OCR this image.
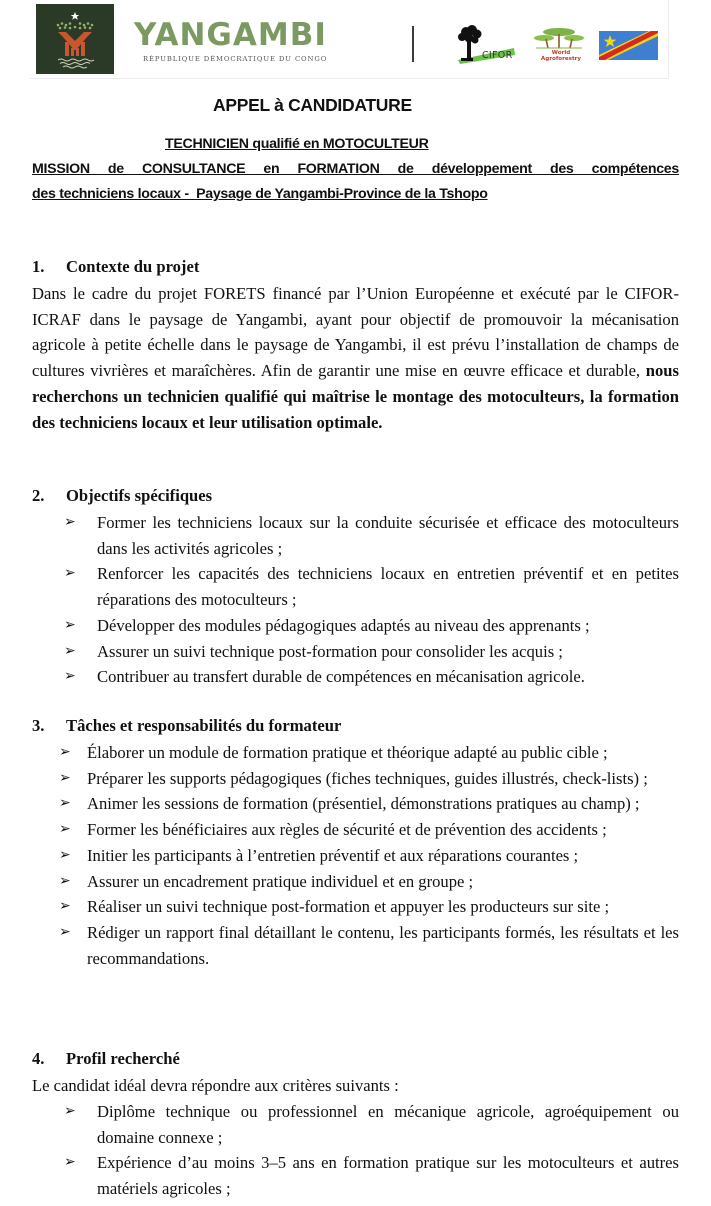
YANGAMBI
RÉPUBLIQUE DÉMOCRATIQUE DU CONGO	CIFOR	World
Agroforestry
APPEL à CANDIDATURE
TECHNICIEN qualifié en MOTOCULTEUR
MISSION de CONSULTANCE en FORMATION de développement des compétences
des techniciens locaux -  Paysage de Yangambi-Province de la Tshopo
1. Contexte du projet
Dans le cadre du projet FORETS financé par l’Union Européenne et exécuté par le CIFOR-ICRAF dans le paysage de Yangambi, ayant pour objectif de promouvoir la mécanisation agricole à petite échelle dans le paysage de Yangambi, il est prévu l’installation de champs de cultures vivrières et maraîchères. Afin de garantir une mise en œuvre efficace et durable, nous recherchons un technicien qualifié qui maîtrise le montage des motoculteurs, la formation des techniciens locaux et leur utilisation optimale.
2. Objectifs spécifiques
➢ Former les techniciens locaux sur la conduite sécurisée et efficace des motoculteurs dans les activités agricoles ;
➢ Renforcer les capacités des techniciens locaux en entretien préventif et en petites réparations des motoculteurs ;
➢ Développer des modules pédagogiques adaptés au niveau des apprenants ;
➢ Assurer un suivi technique post-formation pour consolider les acquis ;
➢ Contribuer au transfert durable de compétences en mécanisation agricole.
3. Tâches et responsabilités du formateur
➢ Élaborer un module de formation pratique et théorique adapté au public cible ;
➢ Préparer les supports pédagogiques (fiches techniques, guides illustrés, check-lists) ;
➢ Animer les sessions de formation (présentiel, démonstrations pratiques au champ) ;
➢ Former les bénéficiaires aux règles de sécurité et de prévention des accidents ;
➢ Initier les participants à l’entretien préventif et aux réparations courantes ;
➢ Assurer un encadrement pratique individuel et en groupe ;
➢ Réaliser un suivi technique post-formation et appuyer les producteurs sur site ;
➢ Rédiger un rapport final détaillant le contenu, les participants formés, les résultats et les recommandations.
4. Profil recherché
Le candidat idéal devra répondre aux critères suivants :
➢ Diplôme technique ou professionnel en mécanique agricole, agroéquipement ou domaine connexe ;
➢ Expérience d’au moins 3–5 ans en formation pratique sur les motoculteurs et autres matériels agricoles ;
